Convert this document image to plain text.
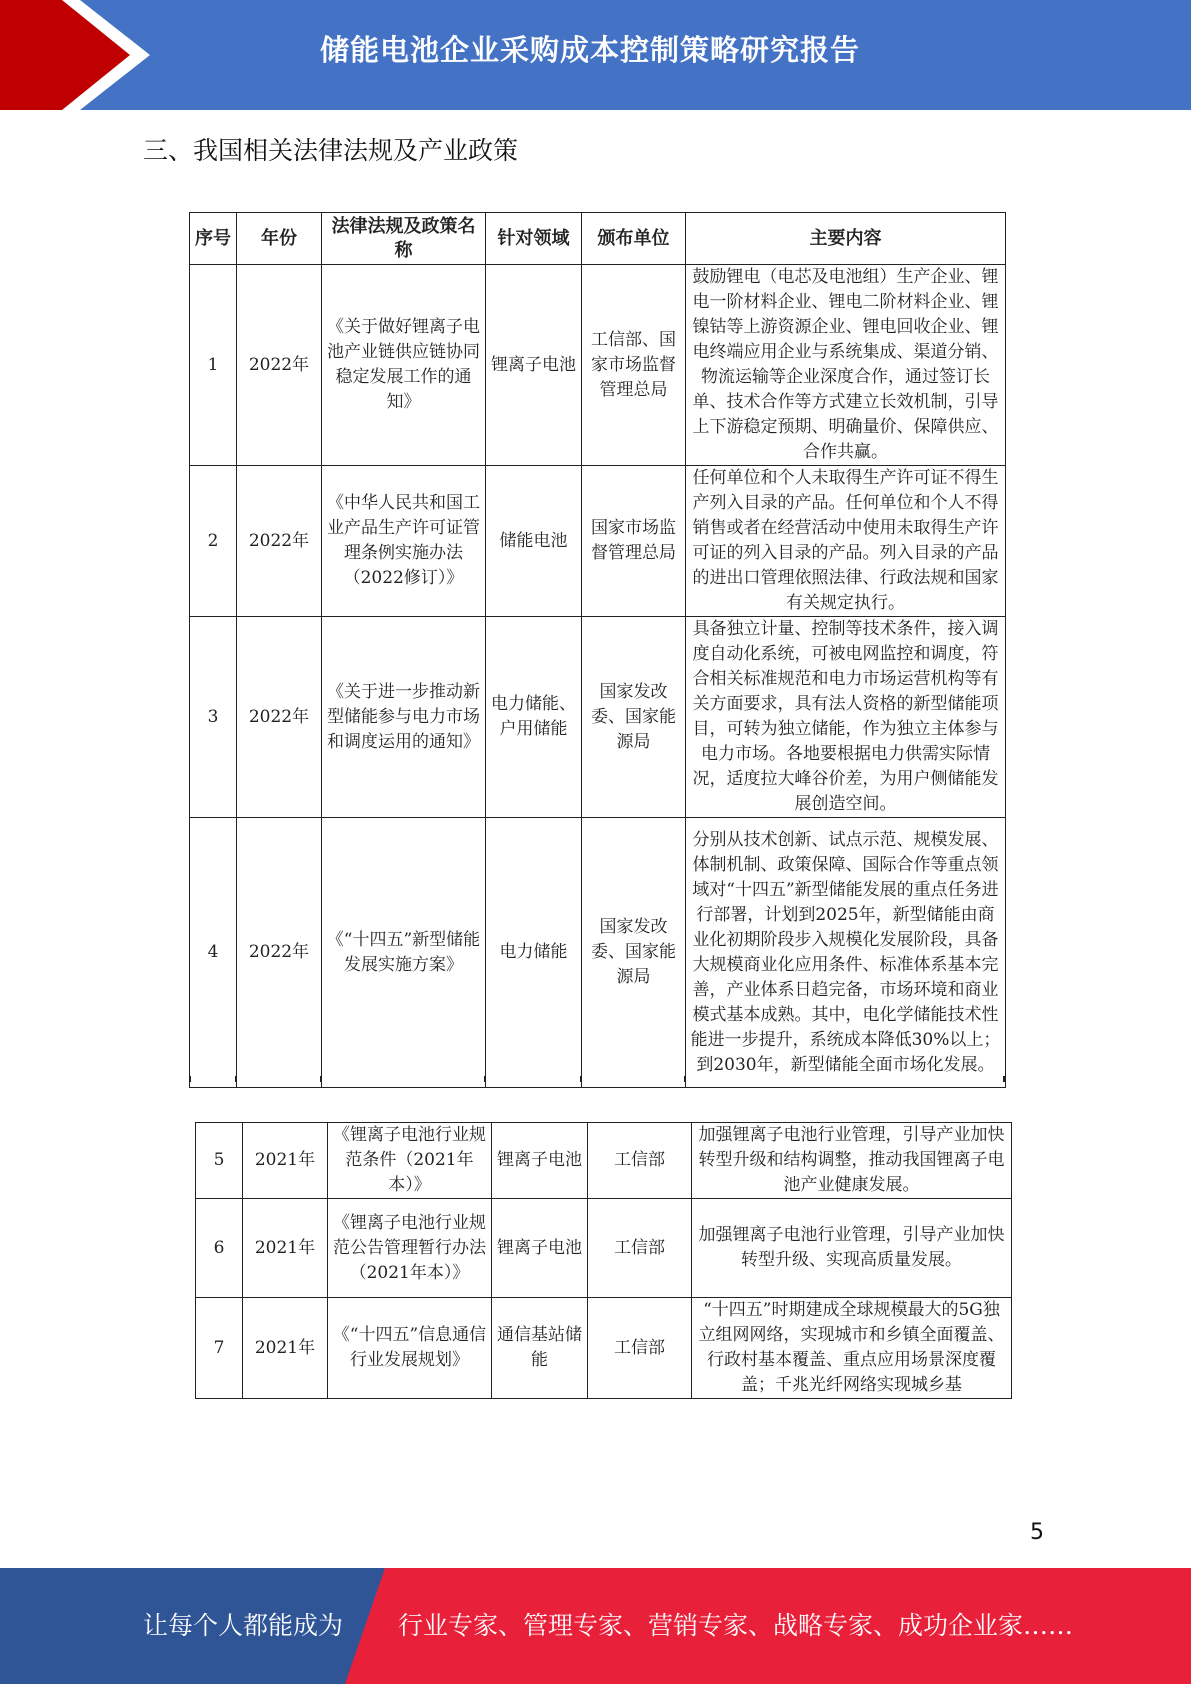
储能电池企业采购成本控制策略研究报告
三、我国相关法律法规及产业政策
序号	年份	法律法规及政策名称	针对领域	颁布单位	主要内容
1	2022年	《关于做好锂离子电池产业链供应链协同稳定发展工作的通知》	锂离子电池	工信部、国家市场监督管理总局	鼓励锂电（电芯及电池组）生产企业、锂电一阶材料企业、锂电二阶材料企业、锂镍钴等上游资源企业、锂电回收企业、锂电终端应用企业与系统集成、渠道分销、物流运输等企业深度合作，通过签订长单、技术合作等方式建立长效机制，引导上下游稳定预期、明确量价、保障供应、合作共赢。
2	2022年	《中华人民共和国工业产品生产许可证管理条例实施办法（2022修订）》	储能电池	国家市场监督管理总局	任何单位和个人未取得生产许可证不得生产列入目录的产品。任何单位和个人不得销售或者在经营活动中使用未取得生产许可证的列入目录的产品。列入目录的产品的进出口管理依照法律、行政法规和国家有关规定执行。
3	2022年	《关于进一步推动新型储能参与电力市场和调度运用的通知》	电力储能、户用储能	国家发改委、国家能源局	具备独立计量、控制等技术条件，接入调度自动化系统，可被电网监控和调度，符合相关标准规范和电力市场运营机构等有关方面要求，具有法人资格的新型储能项目，可转为独立储能，作为独立主体参与电力市场。各地要根据电力供需实际情况，适度拉大峰谷价差，为用户侧储能发展创造空间。
4	2022年	《“十四五”新型储能发展实施方案》	电力储能	国家发改委、国家能源局	分别从技术创新、试点示范、规模发展、体制机制、政策保障、国际合作等重点领域对“十四五”新型储能发展的重点任务进行部署，计划到2025年，新型储能由商业化初期阶段步入规模化发展阶段，具备大规模商业化应用条件、标准体系基本完善，产业体系日趋完备，市场环境和商业模式基本成熟。其中，电化学储能技术性能进一步提升，系统成本降低30%以上；到2030年，新型储能全面市场化发展。
5	2021年	《锂离子电池行业规范条件（2021年本）》	锂离子电池	工信部	加强锂离子电池行业管理，引导产业加快转型升级和结构调整，推动我国锂离子电池产业健康发展。
6	2021年	《锂离子电池行业规范公告管理暂行办法（2021年本）》	锂离子电池	工信部	加强锂离子电池行业管理，引导产业加快转型升级、实现高质量发展。
7	2021年	《“十四五”信息通信行业发展规划》	通信基站储能	工信部	“十四五”时期建成全球规模最大的5G独立组网网络，实现城市和乡镇全面覆盖、行政村基本覆盖、重点应用场景深度覆盖；千兆光纤网络实现城乡基
5
让每个人都能成为 行业专家、管理专家、营销专家、战略专家、成功企业家……
